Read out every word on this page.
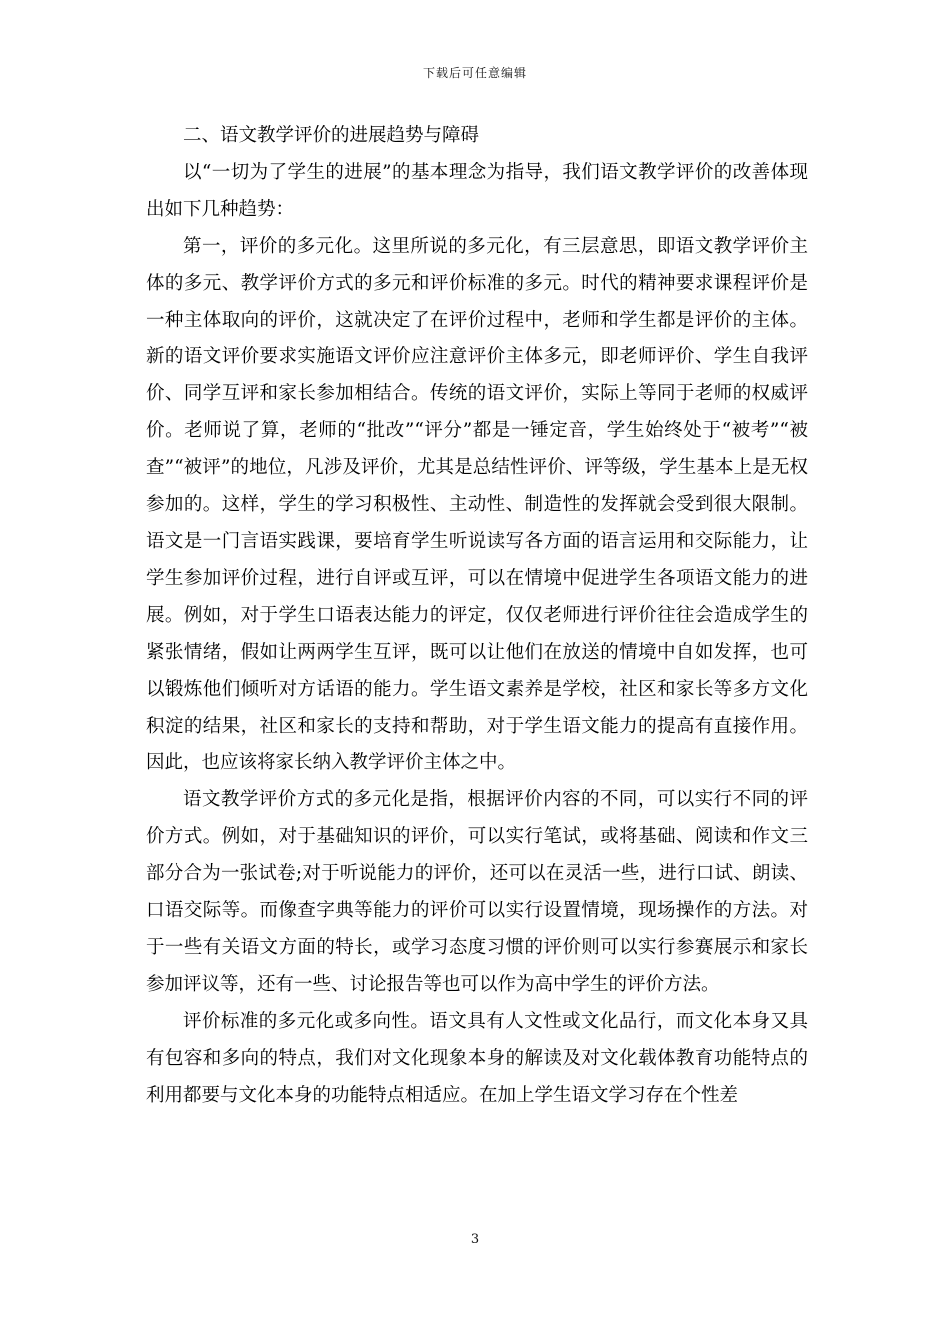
下载后可任意编辑

二、语文教学评价的进展趋势与障碍

以“一切为了学生的进展”的基本理念为指导，我们语文教学评价的改善体现出如下几种趋势：

第一，评价的多元化。这里所说的多元化，有三层意思，即语文教学评价主体的多元、教学评价方式的多元和评价标准的多元。时代的精神要求课程评价是一种主体取向的评价，这就决定了在评价过程中，老师和学生都是评价的主体。新的语文评价要求实施语文评价应注意评价主体多元，即老师评价、学生自我评价、同学互评和家长参加相结合。传统的语文评价，实际上等同于老师的权威评价。老师说了算，老师的“批改”“评分”都是一锤定音，学生始终处于“被考”“被查”“被评”的地位，凡涉及评价，尤其是总结性评价、评等级，学生基本上是无权参加的。这样，学生的学习积极性、主动性、制造性的发挥就会受到很大限制。语文是一门言语实践课，要培育学生听说读写各方面的语言运用和交际能力，让学生参加评价过程，进行自评或互评，可以在情境中促进学生各项语文能力的进展。例如，对于学生口语表达能力的评定，仅仅老师进行评价往往会造成学生的紧张情绪，假如让两两学生互评，既可以让他们在放送的情境中自如发挥，也可以锻炼他们倾听对方话语的能力。学生语文素养是学校，社区和家长等多方文化积淀的结果，社区和家长的支持和帮助，对于学生语文能力的提高有直接作用。因此，也应该将家长纳入教学评价主体之中。

语文教学评价方式的多元化是指，根据评价内容的不同，可以实行不同的评价方式。例如，对于基础知识的评价，可以实行笔试，或将基础、阅读和作文三部分合为一张试卷;对于听说能力的评价，还可以在灵活一些，进行口试、朗读、口语交际等。而像查字典等能力的评价可以实行设置情境，现场操作的方法。对于一些有关语文方面的特长，或学习态度习惯的评价则可以实行参赛展示和家长参加评议等，还有一些、讨论报告等也可以作为高中学生的评价方法。

评价标准的多元化或多向性。语文具有人文性或文化品行，而文化本身又具有包容和多向的特点，我们对文化现象本身的解读及对文化载体教育功能特点的利用都要与文化本身的功能特点相适应。在加上学生语文学习存在个性差

3
